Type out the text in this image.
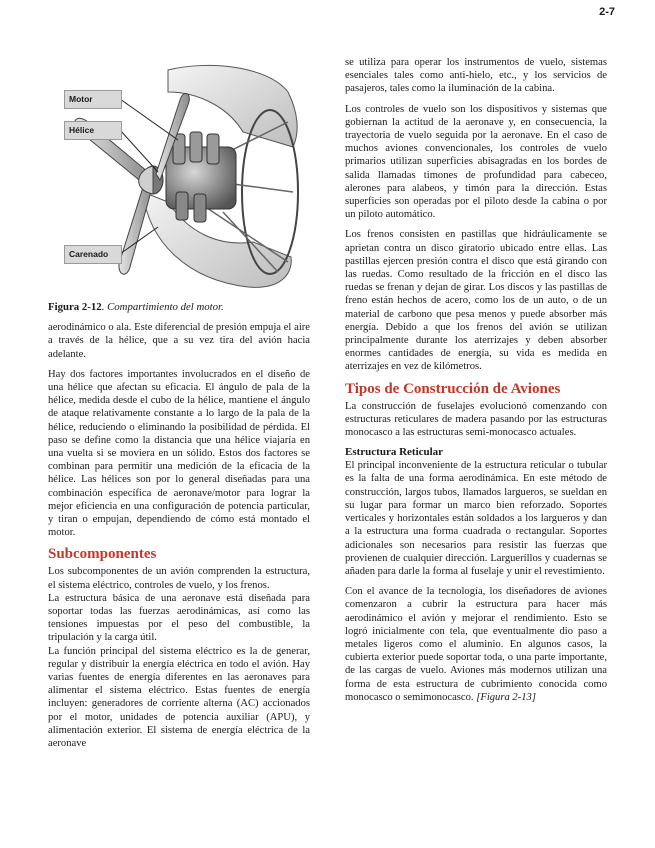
2-7
Motor
Hélice
Carenado

Figura 2-12. Compartimiento del motor.

aerodinámico o ala. Este diferencial de presión empuja el aire a través de la hélice, que a su vez tira del avión hacia adelante.

Hay dos factores importantes involucrados en el diseño de una hélice que afectan su eficacia. El ángulo de pala de la hélice, medida desde el cubo de la hélice, mantiene el ángulo de ataque relativamente constante a lo largo de la pala de la hélice, reduciendo o eliminando la posibilidad de pérdida. El paso se define como la distancia que una hélice viajaría en una vuelta si se moviera en un sólido. Estos dos factores se combinan para permitir una medición de la eficacia de la hélice. Las hélices son por lo general diseñadas para una combinación específica de aeronave/motor para lograr la mejor eficiencia en una configuración de potencia particular, y tiran o empujan, dependiendo de cómo está montado el motor.

Subcomponentes

Los subcomponentes de un avión comprenden la estructura, el sistema eléctrico, controles de vuelo, y los frenos.

La estructura básica de una aeronave está diseñada para soportar todas las fuerzas aerodinámicas, así como las tensiones impuestas por el peso del combustible, la tripulación y la carga útil.

La función principal del sistema eléctrico es la de generar, regular y distribuir la energía eléctrica en todo el avión. Hay varias fuentes de energía diferentes en las aeronaves para alimentar el sistema eléctrico. Estas fuentes de energía incluyen: generadores de corriente alterna (AC) accionados por el motor, unidades de potencia auxiliar (APU), y alimentación exterior. El sistema de energía eléctrica de la aeronave

se utiliza para operar los instrumentos de vuelo, sistemas esenciales tales como anti-hielo, etc., y los servicios de pasajeros, tales como la iluminación de la cabina.

Los controles de vuelo son los dispositivos y sistemas que gobiernan la actitud de la aeronave y, en consecuencia, la trayectoria de vuelo seguida por la aeronave. En el caso de muchos aviones convencionales, los controles de vuelo primarios utilizan superficies abisagradas en los bordes de salida llamadas timones de profundidad para cabeceo, alerones para alabeos, y timón para la dirección. Estas superficies son operadas por el piloto desde la cabina o por un piloto automático.

Los frenos consisten en pastillas que hidráulicamente se aprietan contra un disco giratorio ubicado entre ellas. Las pastillas ejercen presión contra el disco que está girando con las ruedas. Como resultado de la fricción en el disco las ruedas se frenan y dejan de girar. Los discos y las pastillas de freno están hechos de acero, como los de un auto, o de un material de carbono que pesa menos y puede absorber más energía. Debido a que los frenos del avión se utilizan principalmente durante los aterrizajes y deben absorber enormes cantidades de energía, su vida es medida en aterrizajes en vez de kilómetros.

Tipos de Construcción de Aviones

La construcción de fuselajes evolucionó comenzando con estructuras reticulares de madera pasando por las estructuras monocasco a las estructuras semi-monocasco actuales.

Estructura Reticular

El principal inconveniente de la estructura reticular o tubular es la falta de una forma aerodinámica. En este método de construcción, largos tubos, llamados largueros, se sueldan en su lugar para formar un marco bien reforzado. Soportes verticales y horizontales están soldados a los largueros y dan a la estructura una forma cuadrada o rectangular. Soportes adicionales son necesarios para resistir las fuerzas que provienen de cualquier dirección. Largueríllos y cuadernas se añaden para darle la forma al fuselaje y unir el revestimiento.

Con el avance de la tecnología, los diseñadores de aviones comenzaron a cubrir la estructura para hacer más aerodinámico el avión y mejorar el rendimiento. Esto se logró inicialmente con tela, que eventualmente dio paso a metales ligeros como el aluminio. En algunos casos, la cubierta exterior puede soportar toda, o una parte importante, de las cargas de vuelo. Aviones más modernos utilizan una forma de esta estructura de cubrimiento conocida como monocasco o semimonocasco. [Figura 2-13]
